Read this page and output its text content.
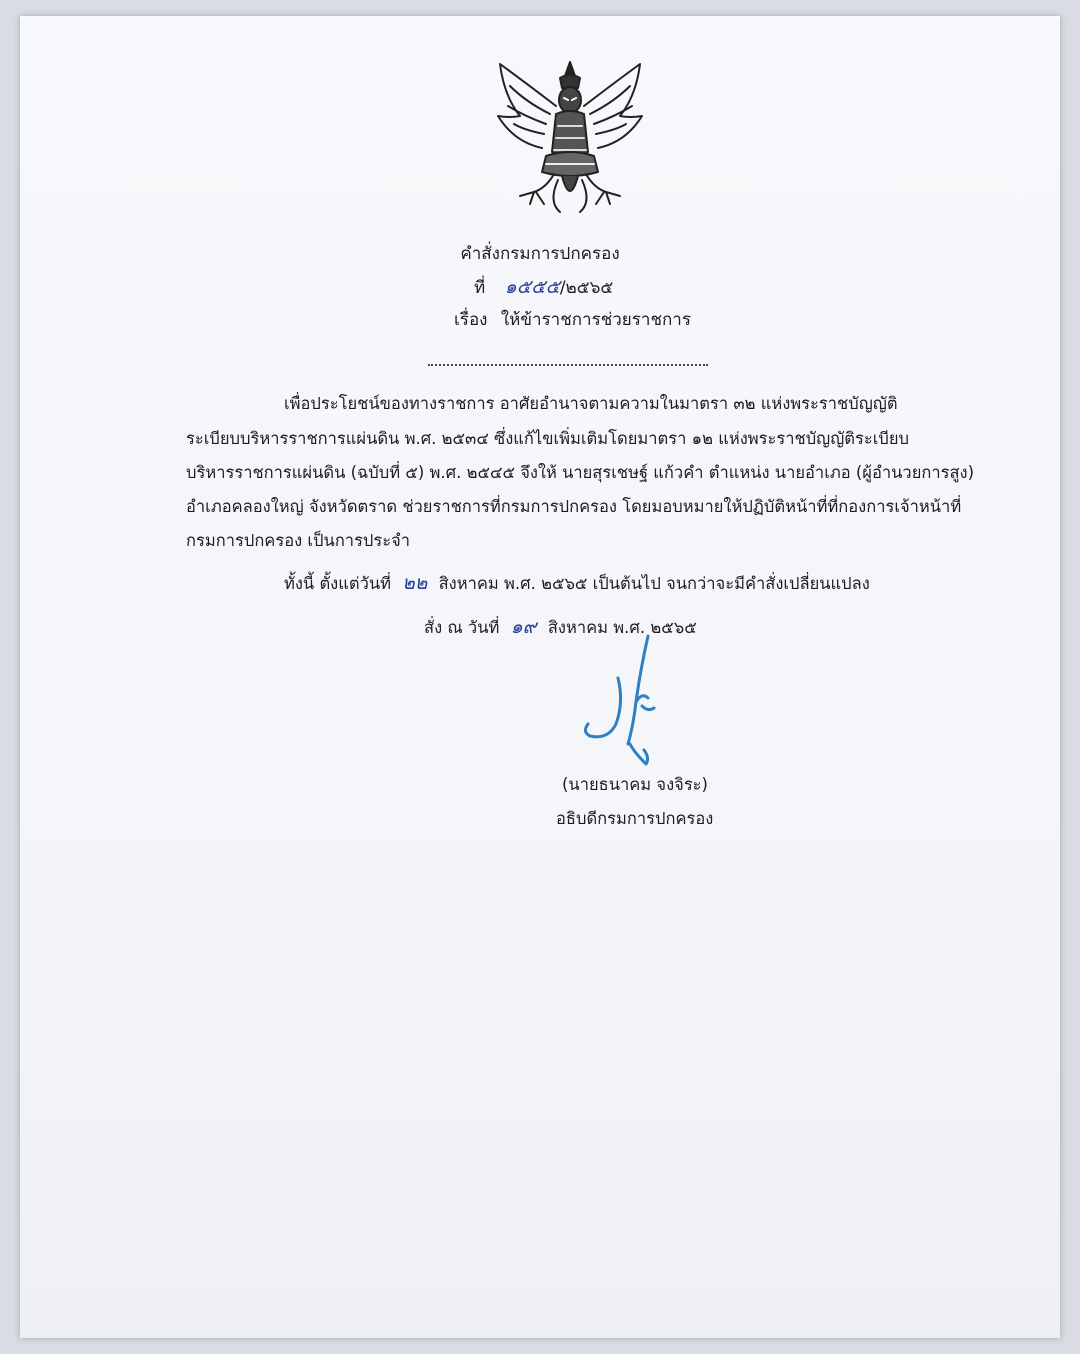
คำสั่งกรมการปกครอง
ที่ ๑๕๕๕/๒๕๖๕
เรื่อง ให้ข้าราชการช่วยราชการ
เพื่อประโยชน์ของทางราชการ อาศัยอำนาจตามความในมาตรา ๓๒ แห่งพระราชบัญญัติ
ระเบียบบริหารราชการแผ่นดิน พ.ศ. ๒๕๓๔ ซึ่งแก้ไขเพิ่มเติมโดยมาตรา ๑๒ แห่งพระราชบัญญัติระเบียบ
บริหารราชการแผ่นดิน (ฉบับที่ ๕) พ.ศ. ๒๕๔๕ จึงให้ นายสุรเชษฐ์ แก้วคำ ตำแหน่ง นายอำเภอ (ผู้อำนวยการสูง)
อำเภอคลองใหญ่ จังหวัดตราด ช่วยราชการที่กรมการปกครอง โดยมอบหมายให้ปฏิบัติหน้าที่ที่กองการเจ้าหน้าที่
กรมการปกครอง เป็นการประจำ
ทั้งนี้ ตั้งแต่วันที่ ๒๒ สิงหาคม พ.ศ. ๒๕๖๕ เป็นต้นไป จนกว่าจะมีคำสั่งเปลี่ยนแปลง
สั่ง ณ วันที่ ๑๙ สิงหาคม พ.ศ. ๒๕๖๕
(นายธนาคม จงจิระ)
อธิบดีกรมการปกครอง
